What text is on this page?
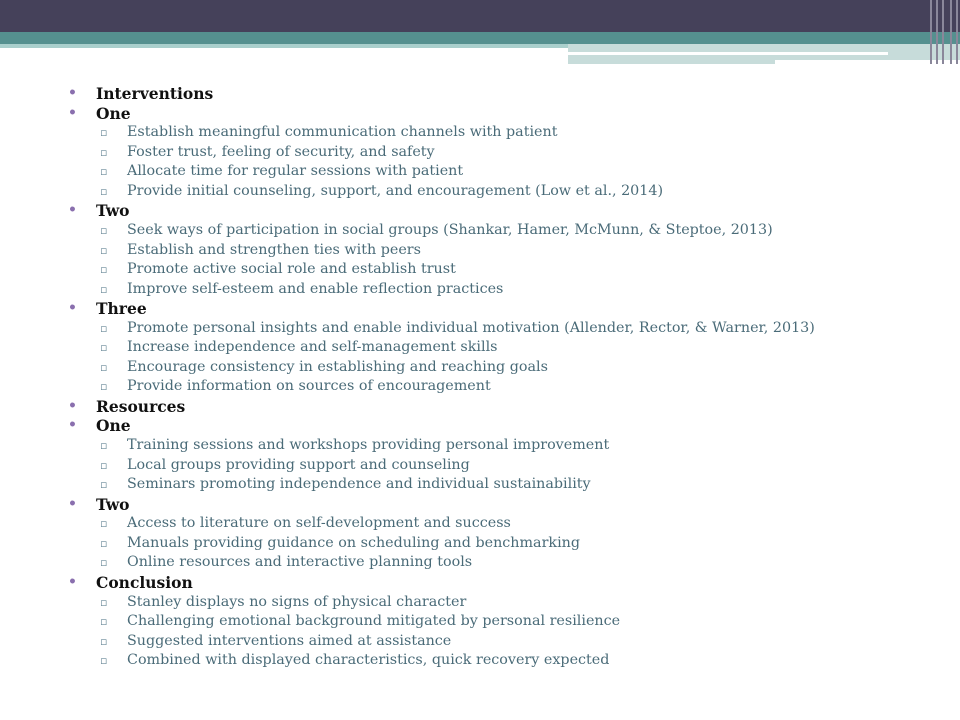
• Interventions
• One
▫ Establish meaningful communication channels with patient
▫ Foster trust, feeling of security, and safety
▫ Allocate time for regular sessions with patient
▫ Provide initial counseling, support, and encouragement (Low et al., 2014)
• Two
▫ Seek ways of participation in social groups (Shankar, Hamer, McMunn, & Steptoe, 2013)
▫ Establish and strengthen ties with peers
▫ Promote active social role and establish trust
▫ Improve self-esteem and enable reflection practices
• Three
▫ Promote personal insights and enable individual motivation (Allender, Rector, & Warner, 2013)
▫ Increase independence and self-management skills
▫ Encourage consistency in establishing and reaching goals
▫ Provide information on sources of encouragement
• Resources
• One
▫ Training sessions and workshops providing personal improvement
▫ Local groups providing support and counseling
▫ Seminars promoting independence and individual sustainability
• Two
▫ Access to literature on self-development and success
▫ Manuals providing guidance on scheduling and benchmarking
▫ Online resources and interactive planning tools
• Conclusion
▫ Stanley displays no signs of physical character
▫ Challenging emotional background mitigated by personal resilience
▫ Suggested interventions aimed at assistance
▫ Combined with displayed characteristics, quick recovery expected
